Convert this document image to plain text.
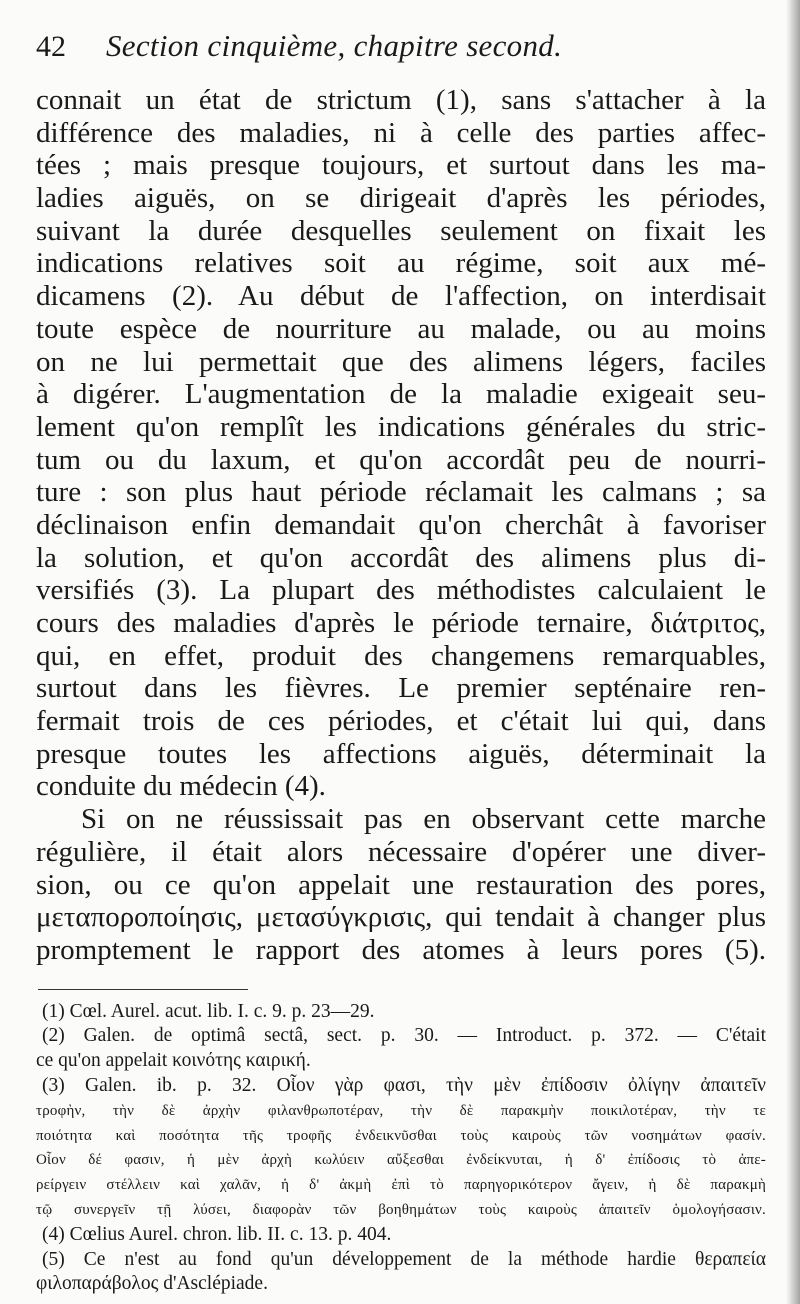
42	Section cinquième, chapitre second.
connait un état de strictum (1), sans s'attacher à la
différence des maladies, ni à celle des parties affec-
tées ; mais presque toujours, et surtout dans les ma-
ladies aiguës, on se dirigeait d'après les périodes,
suivant la durée desquelles seulement on fixait les
indications relatives soit au régime, soit aux mé-
dicamens (2). Au début de l'affection, on interdisait
toute espèce de nourriture au malade, ou au moins
on ne lui permettait que des alimens légers, faciles
à digérer. L'augmentation de la maladie exigeait seu-
lement qu'on remplît les indications générales du stric-
tum ou du laxum, et qu'on accordât peu de nourri-
ture : son plus haut période réclamait les calmans ; sa
déclinaison enfin demandait qu'on cherchât à favoriser
la solution, et qu'on accordât des alimens plus di-
versifiés (3). La plupart des méthodistes calculaient le
cours des maladies d'après le période ternaire, διάτριτος,
qui, en effet, produit des changemens remarquables,
surtout dans les fièvres. Le premier septénaire ren-
fermait trois de ces périodes, et c'était lui qui, dans
presque toutes les affections aiguës, déterminait la
conduite du médecin (4).
Si on ne réussissait pas en observant cette marche
régulière, il était alors nécessaire d'opérer une diver-
sion, ou ce qu'on appelait une restauration des pores,
μεταποροποίησις, μετασύγκρισις, qui tendait à changer plus
promptement le rapport des atomes à leurs pores (5).
(1) Cœl. Aurel. acut. lib. I. c. 9. p. 23—29.
(2) Galen. de optimâ sectâ, sect. p. 30. — Introduct. p. 372. — C'était
ce qu'on appelait κοινότης καιρική.
(3) Galen. ib. p. 32. Οἷον γὰρ φασι, τὴν μὲν ἐπίδοσιν ὀλίγην ἀπαιτεῖν
τροφὴν, τὴν δὲ ἀρχὴν φιλανθρωποτέραν, τὴν δὲ παρακμὴν ποικιλοτέραν, τὴν τε
ποιότητα καὶ ποσότητα τῆς τροφῆς ἐνδεικνῦσθαι τοὺς καιροὺς τῶν νοσημάτων φασίν.
Οἷον δέ φασιν, ἡ μὲν ἀρχὴ κωλύειν αὔξεσθαι ἐνδείκνυται, ἡ δ' ἐπίδοσις τὸ ἀπε-
ρείργειν στέλλειν καὶ χαλᾶν, ἡ δ' ἀκμὴ ἐπὶ τὸ παρηγορικότερον ἄγειν, ἡ δὲ παρακμὴ
τῷ συνεργεῖν τῇ λύσει, διαφορὰν τῶν βοηθημάτων τοὺς καιροὺς ἀπαιτεῖν ὁμολογήσασιν.
(4) Cœlius Aurel. chron. lib. II. c. 13. p. 404.
(5) Ce n'est au fond qu'un développement de la méthode hardie θεραπεία
φιλοπαράβολος d'Asclépiade.
